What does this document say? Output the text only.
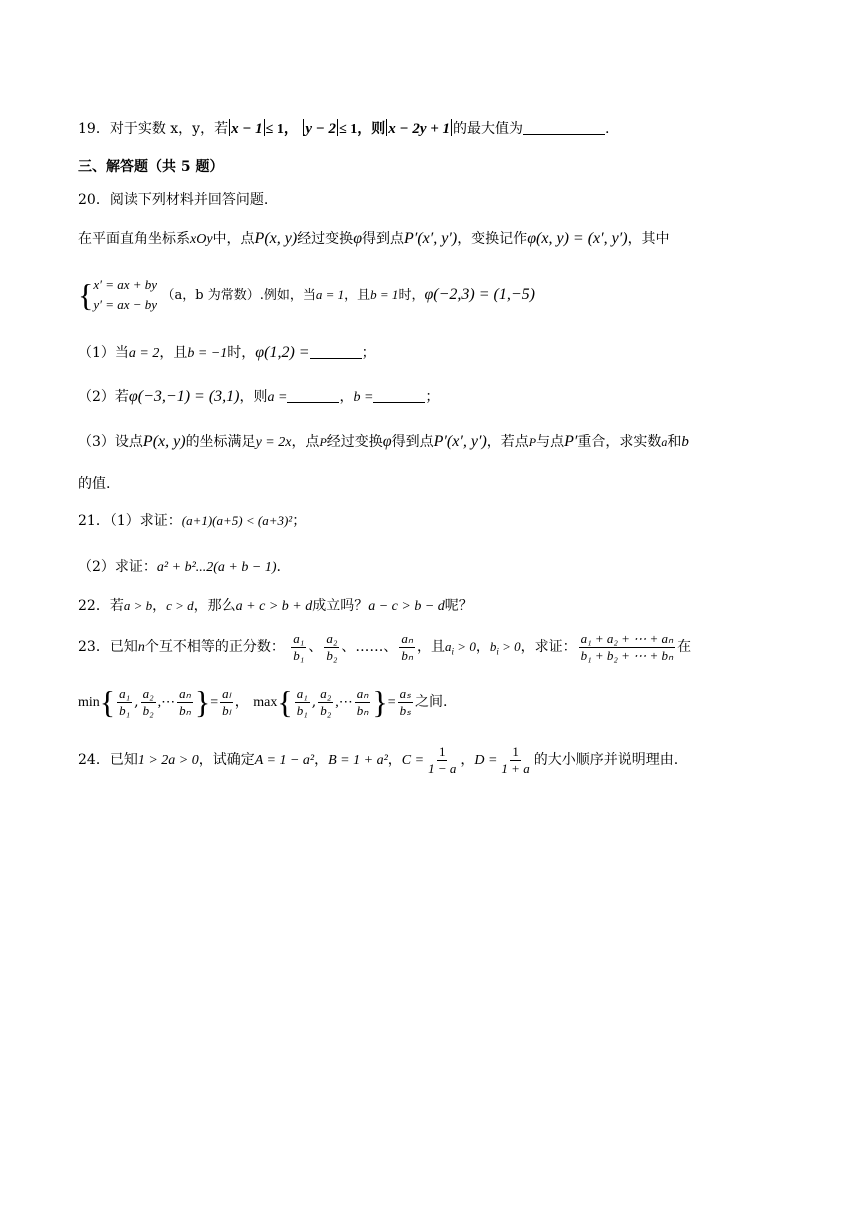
19．对于实数 x，y，若 x − 1 ≤ 1， y − 2 ≤ 1，则 x − 2y + 1 的最大值为	.
三、解答题（共 5 题）
20．阅读下列材料并回答问题.
在平面直角坐标系xOy中，点P(x, y)经过变换φ得到点P′(x′, y′)，变换记作φ(x, y) = (x′, y′)，其中
{ x′ = ax + by
y′ = ax − by
（a，b 为常数）.例如，当a = 1，且b = 1时，φ(−2,3) = (1,−5)
（1）当a = 2，且b = −1时，φ(1,2) =	；
（2）若φ(−3,−1) = (3,1)，则a =	，b =	；
（3）设点P(x, y)的坐标满足y = 2x，点P经过变换φ得到点P′(x′, y′)，若点P与点P′重合，求实数a和b
的值.
21．（1）求证：(a+1)(a+5) < (a+3)²；
（2）求证：a² + b²...2(a + b − 1).
22．若a > b，c > d，那么a + c > b + d成立吗？a − c > b − d呢？
23．已知n个互不相等的正分数： $\frac{\text{a₁}}{\text{b₁}}$ 、 $\frac{\text{a₂}}{\text{b₂}}$ 、……、 $\frac{\text{aₙ}}{\text{bₙ}}$ ，且$a_i > 0$，$b_i > 0$，求证： $\frac{\text{a₁ + a₂ + ⋯ + aₙ}}{\text{b₁ + b₂ + ⋯ + bₙ}}$ 在
$\min\{ \frac{\text{a₁}}{\text{b₁}}$ , $\frac{\text{a₂}}{\text{b₂}}$ ,⋯ $\frac{\text{aₙ}}{\text{bₙ}}$ }= $\frac{\text{aₗ}}{\text{bₗ}}$ ， $\max\{ \frac{\text{a₁}}{\text{b₁}}$ , $\frac{\text{a₂}}{\text{b₂}}$ ,⋯ $\frac{\text{aₙ}}{\text{bₙ}}$ }= $\frac{\text{aₛ}}{\text{bₛ}}$ 之间.
24．已知1 > 2a > 0，试确定A = 1 − a²，B = 1 + a²，$C = \frac{1}{1 - a}$ ，$D = \frac{1}{1 + a}$ 的大小顺序并说明理由.
